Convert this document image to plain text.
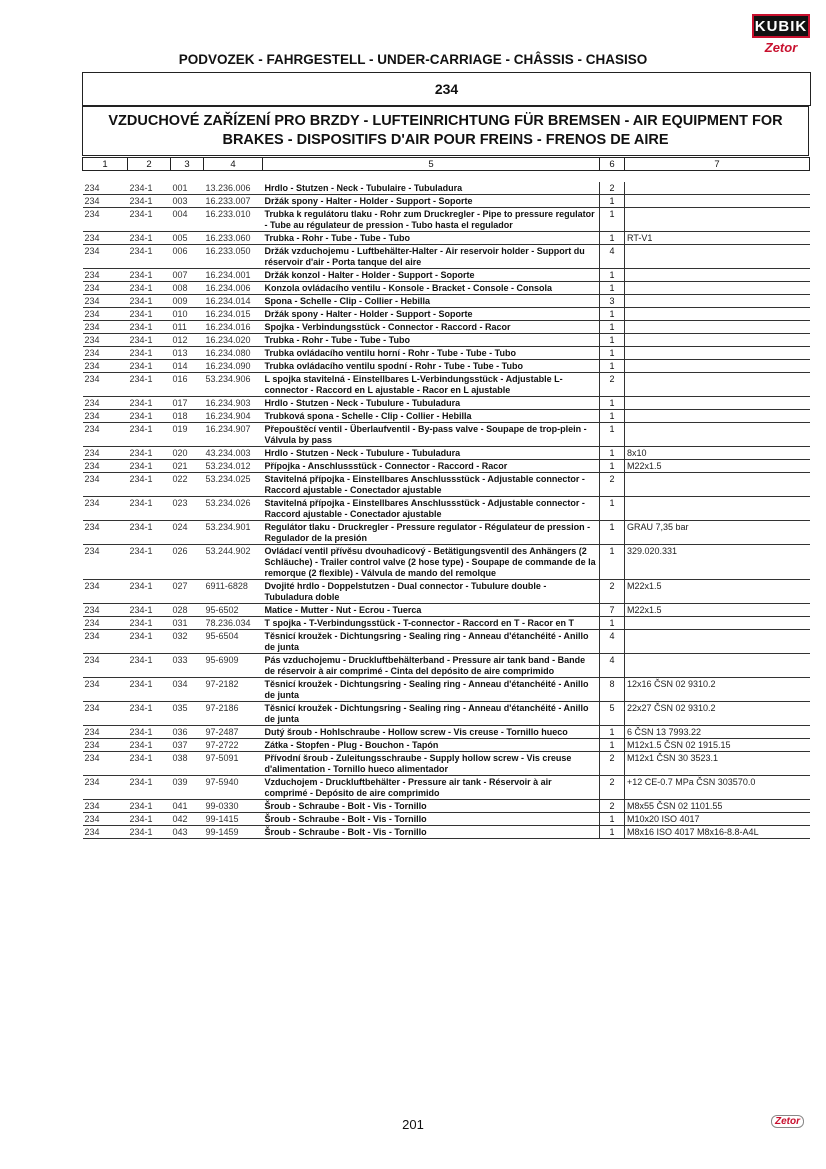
KUBIK
Zetor
PODVOZEK - FAHRGESTELL - UNDER-CARRIAGE - CHÂSSIS - CHASISO
234
VZDUCHOVÉ ZAŘÍZENÍ PRO BRZDY - LUFTEINRICHTUNG FÜR BREMSEN - AIR EQUIPMENT FOR
BRAKES - DISPOSITIFS D'AIR POUR FREINS - FRENOS DE AIRE
1	2	3	4	5	6	7

234	234-1	001	13.236.006	Hrdlo - Stutzen - Neck - Tubulaire - Tubuladura	2	
234	234-1	003	16.233.007	Držák spony - Halter - Holder - Support - Soporte	1	
234	234-1	004	16.233.010	Trubka k regulátoru tlaku - Rohr zum Druckregler - Pipe to pressure regulator - Tube au régulateur de pression - Tubo hasta el regulador	1	
234	234-1	005	16.233.060	Trubka - Rohr - Tube - Tube - Tubo	1	RT-V1
234	234-1	006	16.233.050	Držák vzduchojemu - Luftbehälter-Halter - Air reservoir holder - Support du réservoir d'air - Porta tanque del aire	4	
234	234-1	007	16.234.001	Držák konzol - Halter - Holder - Support - Soporte	1	
234	234-1	008	16.234.006	Konzola ovládacího ventilu - Konsole - Bracket - Console - Consola	1	
234	234-1	009	16.234.014	Spona - Schelle - Clip - Collier - Hebilla	3	
234	234-1	010	16.234.015	Držák spony - Halter - Holder - Support - Soporte	1	
234	234-1	011	16.234.016	Spojka - Verbindungsstück - Connector - Raccord - Racor	1	
234	234-1	012	16.234.020	Trubka - Rohr - Tube - Tube - Tubo	1	
234	234-1	013	16.234.080	Trubka ovládacího ventilu horní - Rohr - Tube - Tube - Tubo	1	
234	234-1	014	16.234.090	Trubka ovládacího ventilu spodní - Rohr - Tube - Tube - Tubo	1	
234	234-1	016	53.234.906	L spojka stavitelná - Einstellbares L-Verbindungsstück - Adjustable L-connector - Raccord en L ajustable - Racor en L ajustable	2	
234	234-1	017	16.234.903	Hrdlo - Stutzen - Neck - Tubulure - Tubuladura	1	
234	234-1	018	16.234.904	Trubková spona - Schelle - Clip - Collier - Hebilla	1	
234	234-1	019	16.234.907	Přepouštěcí ventil - Überlaufventil - By-pass valve - Soupape de trop-plein - Válvula by pass	1	
234	234-1	020	43.234.003	Hrdlo - Stutzen - Neck - Tubulure - Tubuladura	1	8x10
234	234-1	021	53.234.012	Přípojka - Anschlussstück - Connector - Raccord - Racor	1	M22x1.5
234	234-1	022	53.234.025	Stavitelná přípojka - Einstellbares Anschlussstück - Adjustable connector - Raccord ajustable - Conectador ajustable	2	
234	234-1	023	53.234.026	Stavitelná přípojka - Einstellbares Anschlussstück - Adjustable connector - Raccord ajustable - Conectador ajustable	1	
234	234-1	024	53.234.901	Regulátor tlaku - Druckregler - Pressure regulator - Régulateur de pression - Regulador de la presión	1	GRAU 7,35 bar
234	234-1	026	53.244.902	Ovládací ventil přívěsu dvouhadicový - Betätigungsventil des Anhängers (2 Schläuche) - Trailer control valve (2 hose type) - Soupape de commande de la remorque (2 flexible) - Válvula de mando del remolque	1	329.020.331
234	234-1	027	6911-6828	Dvojité hrdlo - Doppelstutzen - Dual connector - Tubulure double - Tubuladura doble	2	M22x1.5
234	234-1	028	95-6502	Matice - Mutter - Nut - Ecrou - Tuerca	7	M22x1.5
234	234-1	031	78.236.034	T spojka - T-Verbindungsstück - T-connector - Raccord en T - Racor en T	1	
234	234-1	032	95-6504	Těsnicí kroužek - Dichtungsring - Sealing ring - Anneau d'étanchéité - Anillo de junta	4	
234	234-1	033	95-6909	Pás vzduchojemu - Druckluftbehälterband - Pressure air tank band - Bande de réservoir à air comprimé - Cinta del depósito de aire comprimido	4	
234	234-1	034	97-2182	Těsnicí kroužek - Dichtungsring - Sealing ring - Anneau d'étanchéité - Anillo de junta	8	12x16 ČSN 02 9310.2
234	234-1	035	97-2186	Těsnicí kroužek - Dichtungsring - Sealing ring - Anneau d'étanchéité - Anillo de junta	5	22x27 ČSN 02 9310.2
234	234-1	036	97-2487	Dutý šroub - Hohlschraube - Hollow screw - Vis creuse - Tornillo hueco	1	6 ČSN 13 7993.22
234	234-1	037	97-2722	Zátka - Stopfen - Plug - Bouchon - Tapón	1	M12x1.5 ČSN 02 1915.15
234	234-1	038	97-5091	Přívodní šroub - Zuleitungsschraube - Supply hollow screw - Vis creuse d'alimentation - Tornillo hueco alimentador	2	M12x1 ČSN 30 3523.1
234	234-1	039	97-5940	Vzduchojem - Druckluftbehälter - Pressure air tank - Réservoir à air comprimé - Depósito de aire comprimido	2	+12 CE-0.7 MPa ČSN 303570.0
234	234-1	041	99-0330	Šroub - Schraube - Bolt - Vis - Tornillo	2	M8x55 ČSN 02 1101.55
234	234-1	042	99-1415	Šroub - Schraube - Bolt - Vis - Tornillo	1	M10x20 ISO 4017
234	234-1	043	99-1459	Šroub - Schraube - Bolt - Vis - Tornillo	1	M8x16 ISO 4017 M8x16-8.8-A4L
201	Zetor
